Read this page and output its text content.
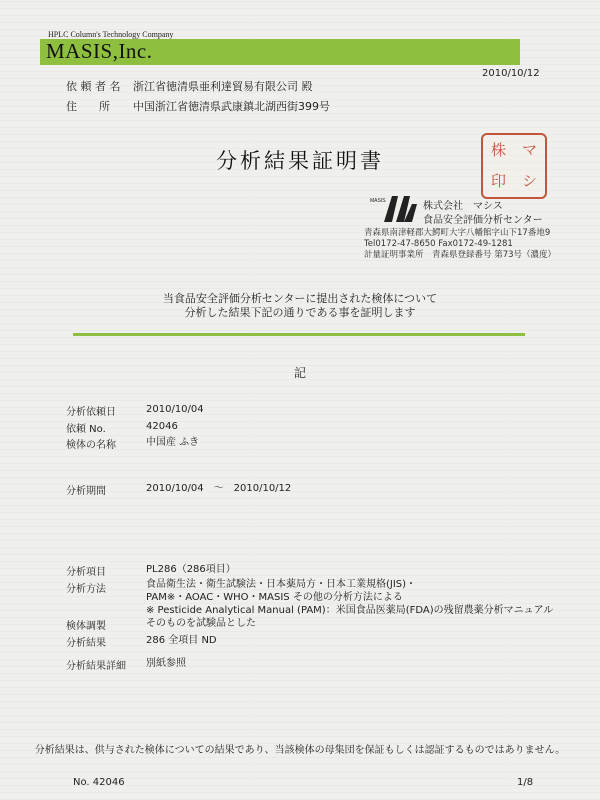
HPLC Column's Technology Company
MASIS,Inc.
2010/10/12
依 頼 者 名 浙江省徳清県亜利達貿易有限公司 殿
住　　所 中国浙江省徳清県武康鎮北湖西街399号
分析結果証明書	株	マ
印	シ
MASIS	株式会社　マシス
食品安全評価分析センター
青森県南津軽郡大鰐町大字八幡館字山下17番地9
Tel0172-47-8650 Fax0172-49-1281
計量証明事業所　青森県登録番号 第73号（濃度）
当食品安全評価分析センターに提出された検体について
分析した結果下記の通りである事を証明します
記
分析依頼日	2010/10/04
依頼 No.	42046
検体の名称	中国産 ふき
分析期間	2010/10/04　～　2010/10/12
分析項目	PL286（286項目）
分析方法	食品衛生法・衛生試験法・日本薬局方・日本工業規格(JIS)・
PAM※・AOAC・WHO・MASIS その他の分析方法による
※ Pesticide Analytical Manual (PAM)：米国食品医薬局(FDA)の残留農薬分析マニュアル
検体調製	そのものを試験品とした
分析結果	286 全項目 ND
分析結果詳細 別紙参照
分析結果は、供与された検体についての結果であり、当該検体の母集団を保証もしくは認証するものではありません。
No. 42046	1/8
